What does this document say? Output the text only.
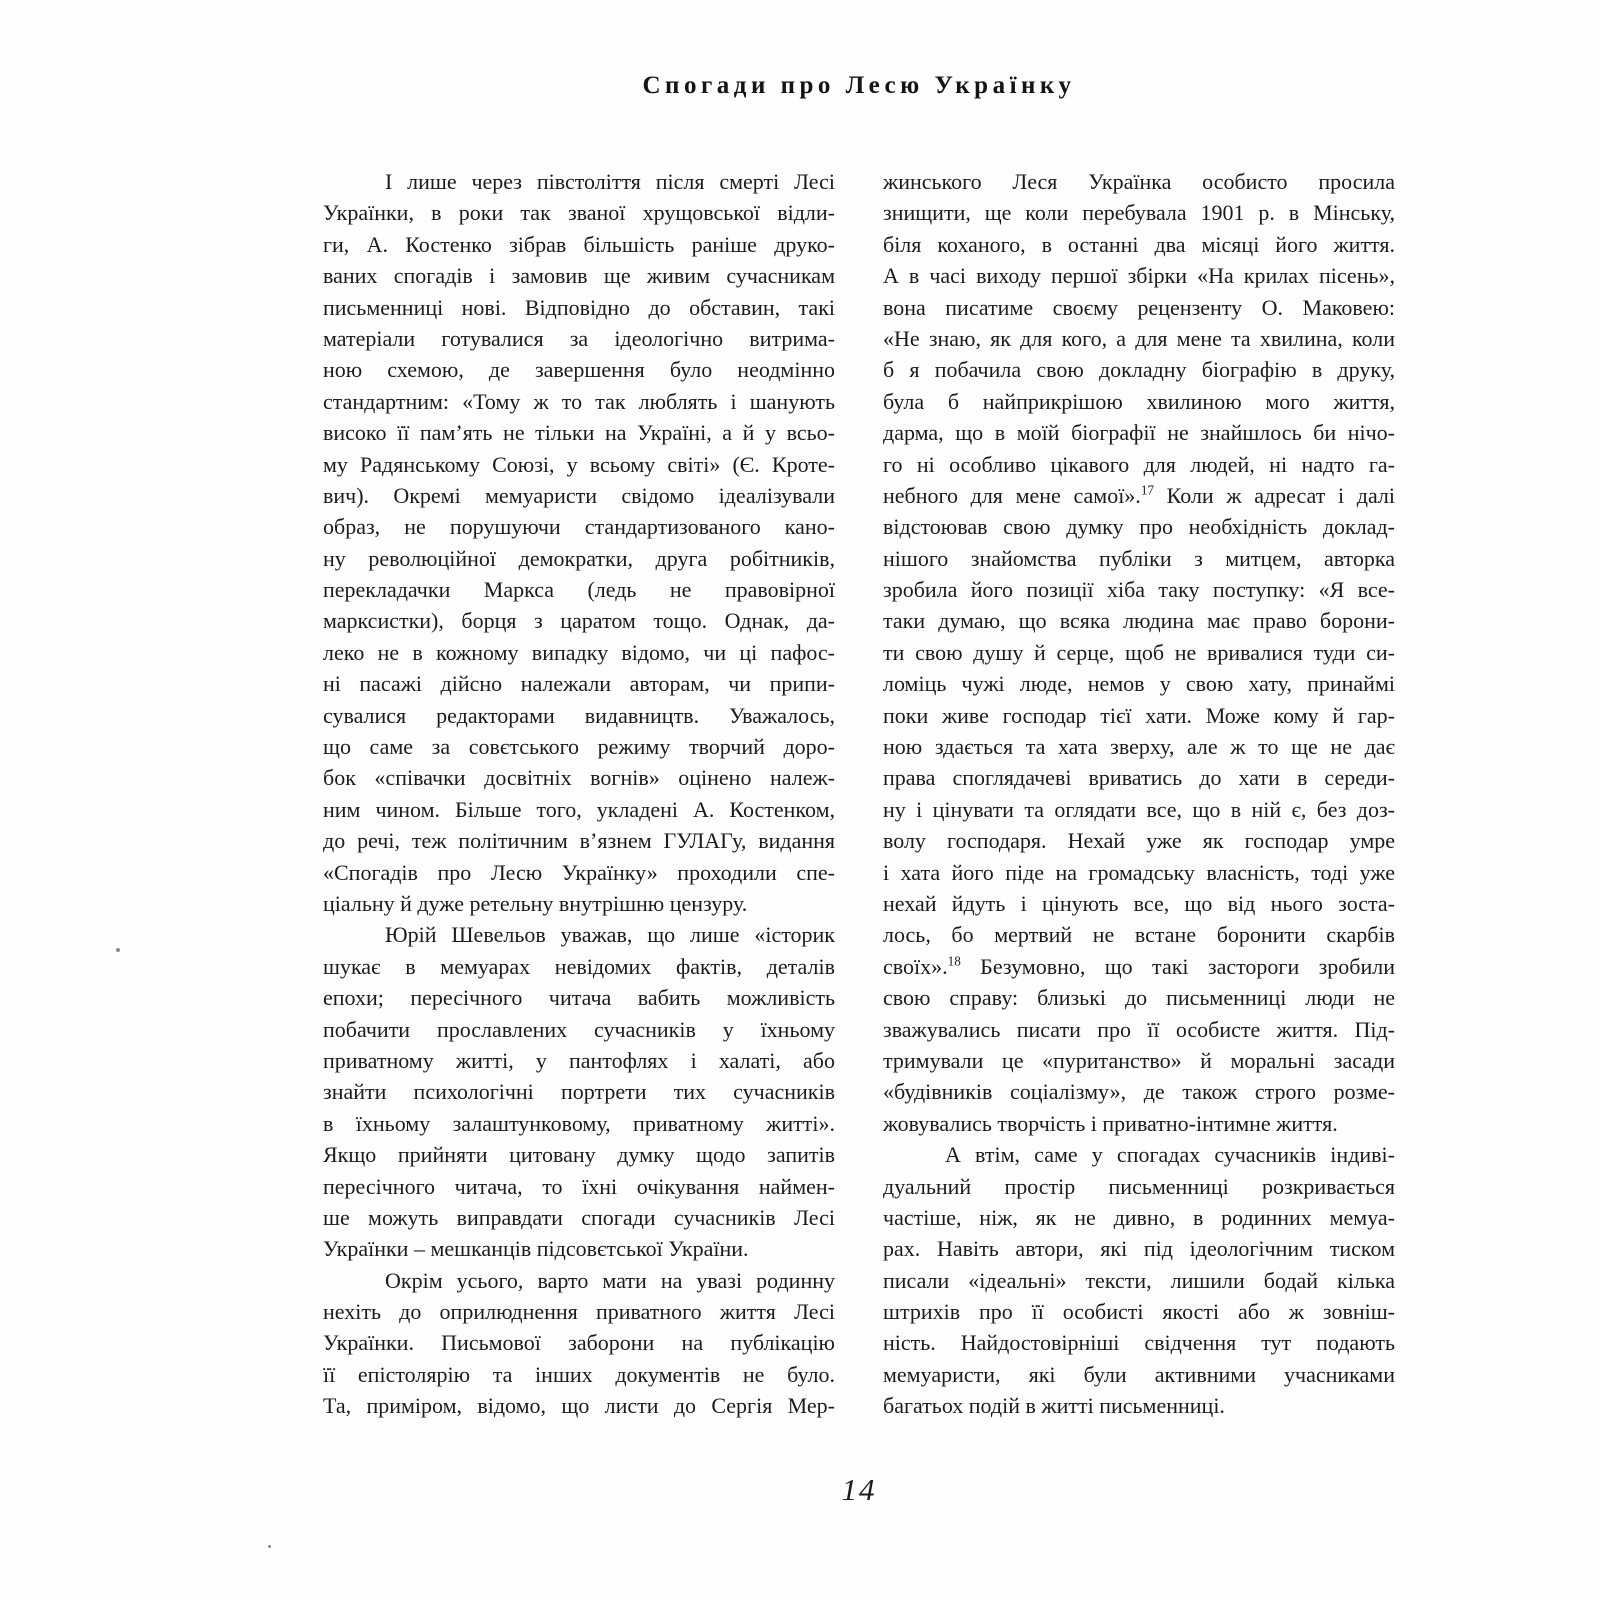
Спогади про Лесю Українку
І лише через півстоліття після смерті Лесі
Українки, в роки так званої хрущовської відли-
ги, А. Костенко зібрав більшість раніше друко-
ваних спогадів і замовив ще живим сучасникам
письменниці нові. Відповідно до обставин, такі
матеріали готувалися за ідеологічно витрима-
ною схемою, де завершення було неодмінно
стандартним: «Тому ж то так люблять і шанують
високо її пам’ять не тільки на Україні, а й у всьо-
му Радянському Союзі, у всьому світі» (Є. Кроте-
вич). Окремі мемуаристи свідомо ідеалізували
образ, не порушуючи стандартизованого кано-
ну революційної демократки, друга робітників,
перекладачки Маркса (ледь не правовірної
марксистки), борця з царатом тощо. Однак, да-
леко не в кожному випадку відомо, чи ці пафос-
ні пасажі дійсно належали авторам, чи припи-
сувалися редакторами видавництв. Уважалось,
що саме за совєтського режиму творчий доро-
бок «співачки досвітніх вогнів» оцінено належ-
ним чином. Більше того, укладені А. Костенком,
до речі, теж політичним в’язнем ГУЛАГу, видання
«Спогадів про Лесю Українку» проходили спе-
ціальну й дуже ретельну внутрішню цензуру.
Юрій Шевельов уважав, що лише «історик
шукає в мемуарах невідомих фактів, деталів
епохи; пересічного читача вабить можливість
побачити прославлених сучасників у їхньому
приватному житті, у пантофлях і халаті, або
знайти психологічні портрети тих сучасників
в їхньому залаштунковому, приватному житті».
Якщо прийняти цитовану думку щодо запитів
пересічного читача, то їхні очікування наймен-
ше можуть виправдати спогади сучасників Лесі
Українки – мешканців підсовєтської України.
Окрім усього, варто мати на увазі родинну
нехіть до оприлюднення приватного життя Лесі
Українки. Письмової заборони на публікацію
її епістолярію та інших документів не було.
Та, приміром, відомо, що листи до Сергія Мер-
жинського Леся Українка особисто просила
знищити, ще коли перебувала 1901 р. в Мінську,
біля коханого, в останні два місяці його життя.
А в часі виходу першої збірки «На крилах пісень»,
вона писатиме своєму рецензенту О. Маковею:
«Не знаю, як для кого, а для мене та хвилина, коли
б я побачила свою докладну біографію в друку,
була б найприкрішою хвилиною мого життя,
дарма, що в моїй біографії не знайшлось би нічо-
го ні особливо цікавого для людей, ні надто га-
небного для мене самої».$^{17}$ Коли ж адресат і далі
відстоював свою думку про необхідність доклад-
нішого знайомства публіки з митцем, авторка
зробила його позиції хіба таку поступку: «Я все-
таки думаю, що всяка людина має право борони-
ти свою душу й серце, щоб не вривалися туди си-
ломіць чужі люде, немов у свою хату, принаймі
поки живе господар тієї хати. Може кому й гар-
ною здається та хата зверху, але ж то ще не дає
права споглядачеві вриватись до хати в середи-
ну і цінувати та оглядати все, що в ній є, без доз-
волу господаря. Нехай уже як господар умре
і хата його піде на громадську власність, тоді уже
нехай йдуть і цінують все, що від нього зоста-
лось, бо мертвий не встане боронити скарбів
своїх».$^{18}$ Безумовно, що такі застороги зробили
свою справу: близькі до письменниці люди не
зважувались писати про її особисте життя. Під-
тримували це «пуританство» й моральні засади
«будівників соціалізму», де також строго розме-
жовувались творчість і приватно-інтимне життя.
А втім, саме у спогадах сучасників індиві-
дуальний простір письменниці розкривається
частіше, ніж, як не дивно, в родинних мемуа-
рах. Навіть автори, які під ідеологічним тиском
писали «ідеальні» тексти, лишили бодай кілька
штрихів про її особисті якості або ж зовніш-
ність. Найдостовірніші свідчення тут подають
мемуаристи, які були активними учасниками
багатьох подій в житті письменниці.
14
